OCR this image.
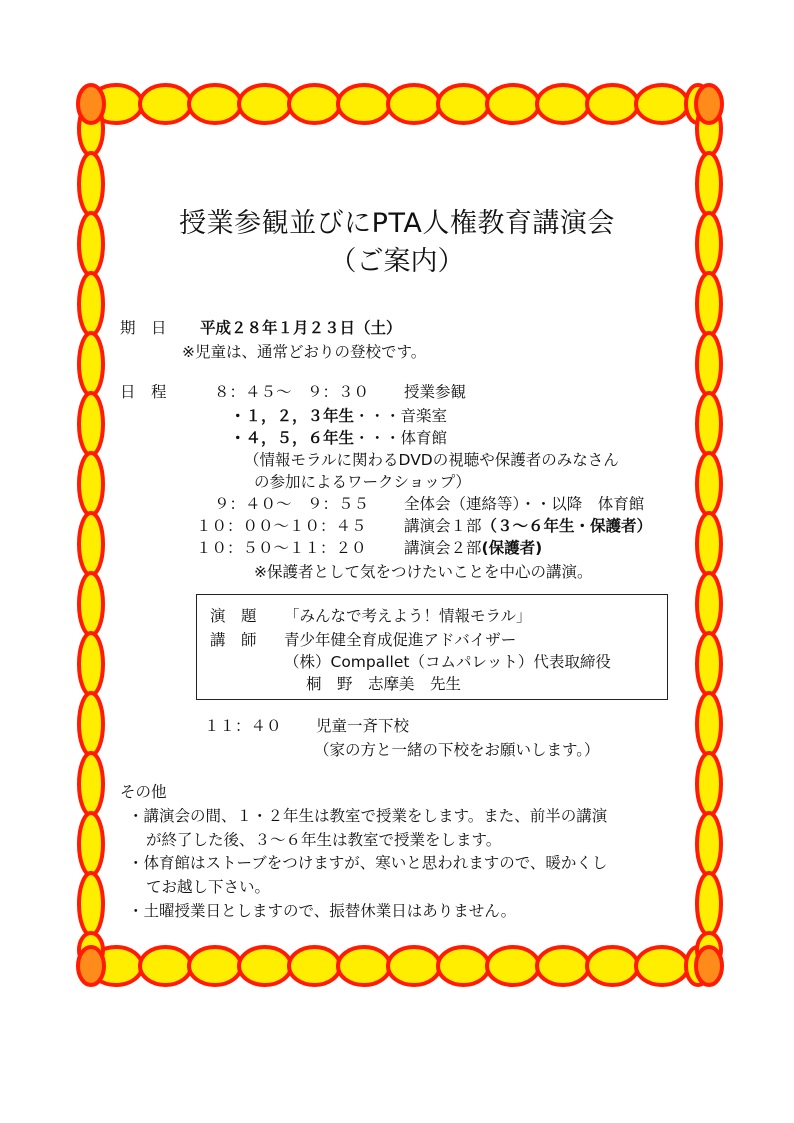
授業参観並びにPTA人権教育講演会
（ご案内）
期　日 平成２８年１月２３日（土）
※児童は、通常どおりの登校です。
日　程	８：４５～　９：３０ 授業参観
・１，２，３年生・・・音楽室
・４，５，６年生・・・体育館
（情報モラルに関わるDVDの視聴や保護者のみなさん
の参加によるワークショップ）
９：４０～　９：５５ 全体会（連絡等）・・以降　体育館
１０：００～１０：４５ 講演会１部（３～６年生・保護者）
１０：５０～１１：２０ 講演会２部(保護者)
※保護者として気をつけたいことを中心の講演。
演　題 「みんなで考えよう！情報モラル」
講　師 青少年健全育成促進アドバイザー
（株）Compallet（コムパレット）代表取締役
桐　野　志摩美　先生
１１：４０ 児童一斉下校
（家の方と一緒の下校をお願いします。）
その他
・講演会の間、１・２年生は教室で授業をします。また、前半の講演
が終了した後、３～６年生は教室で授業をします。
・体育館はストーブをつけますが、寒いと思われますので、暖かくし
てお越し下さい。
・土曜授業日としますので、振替休業日はありません。
